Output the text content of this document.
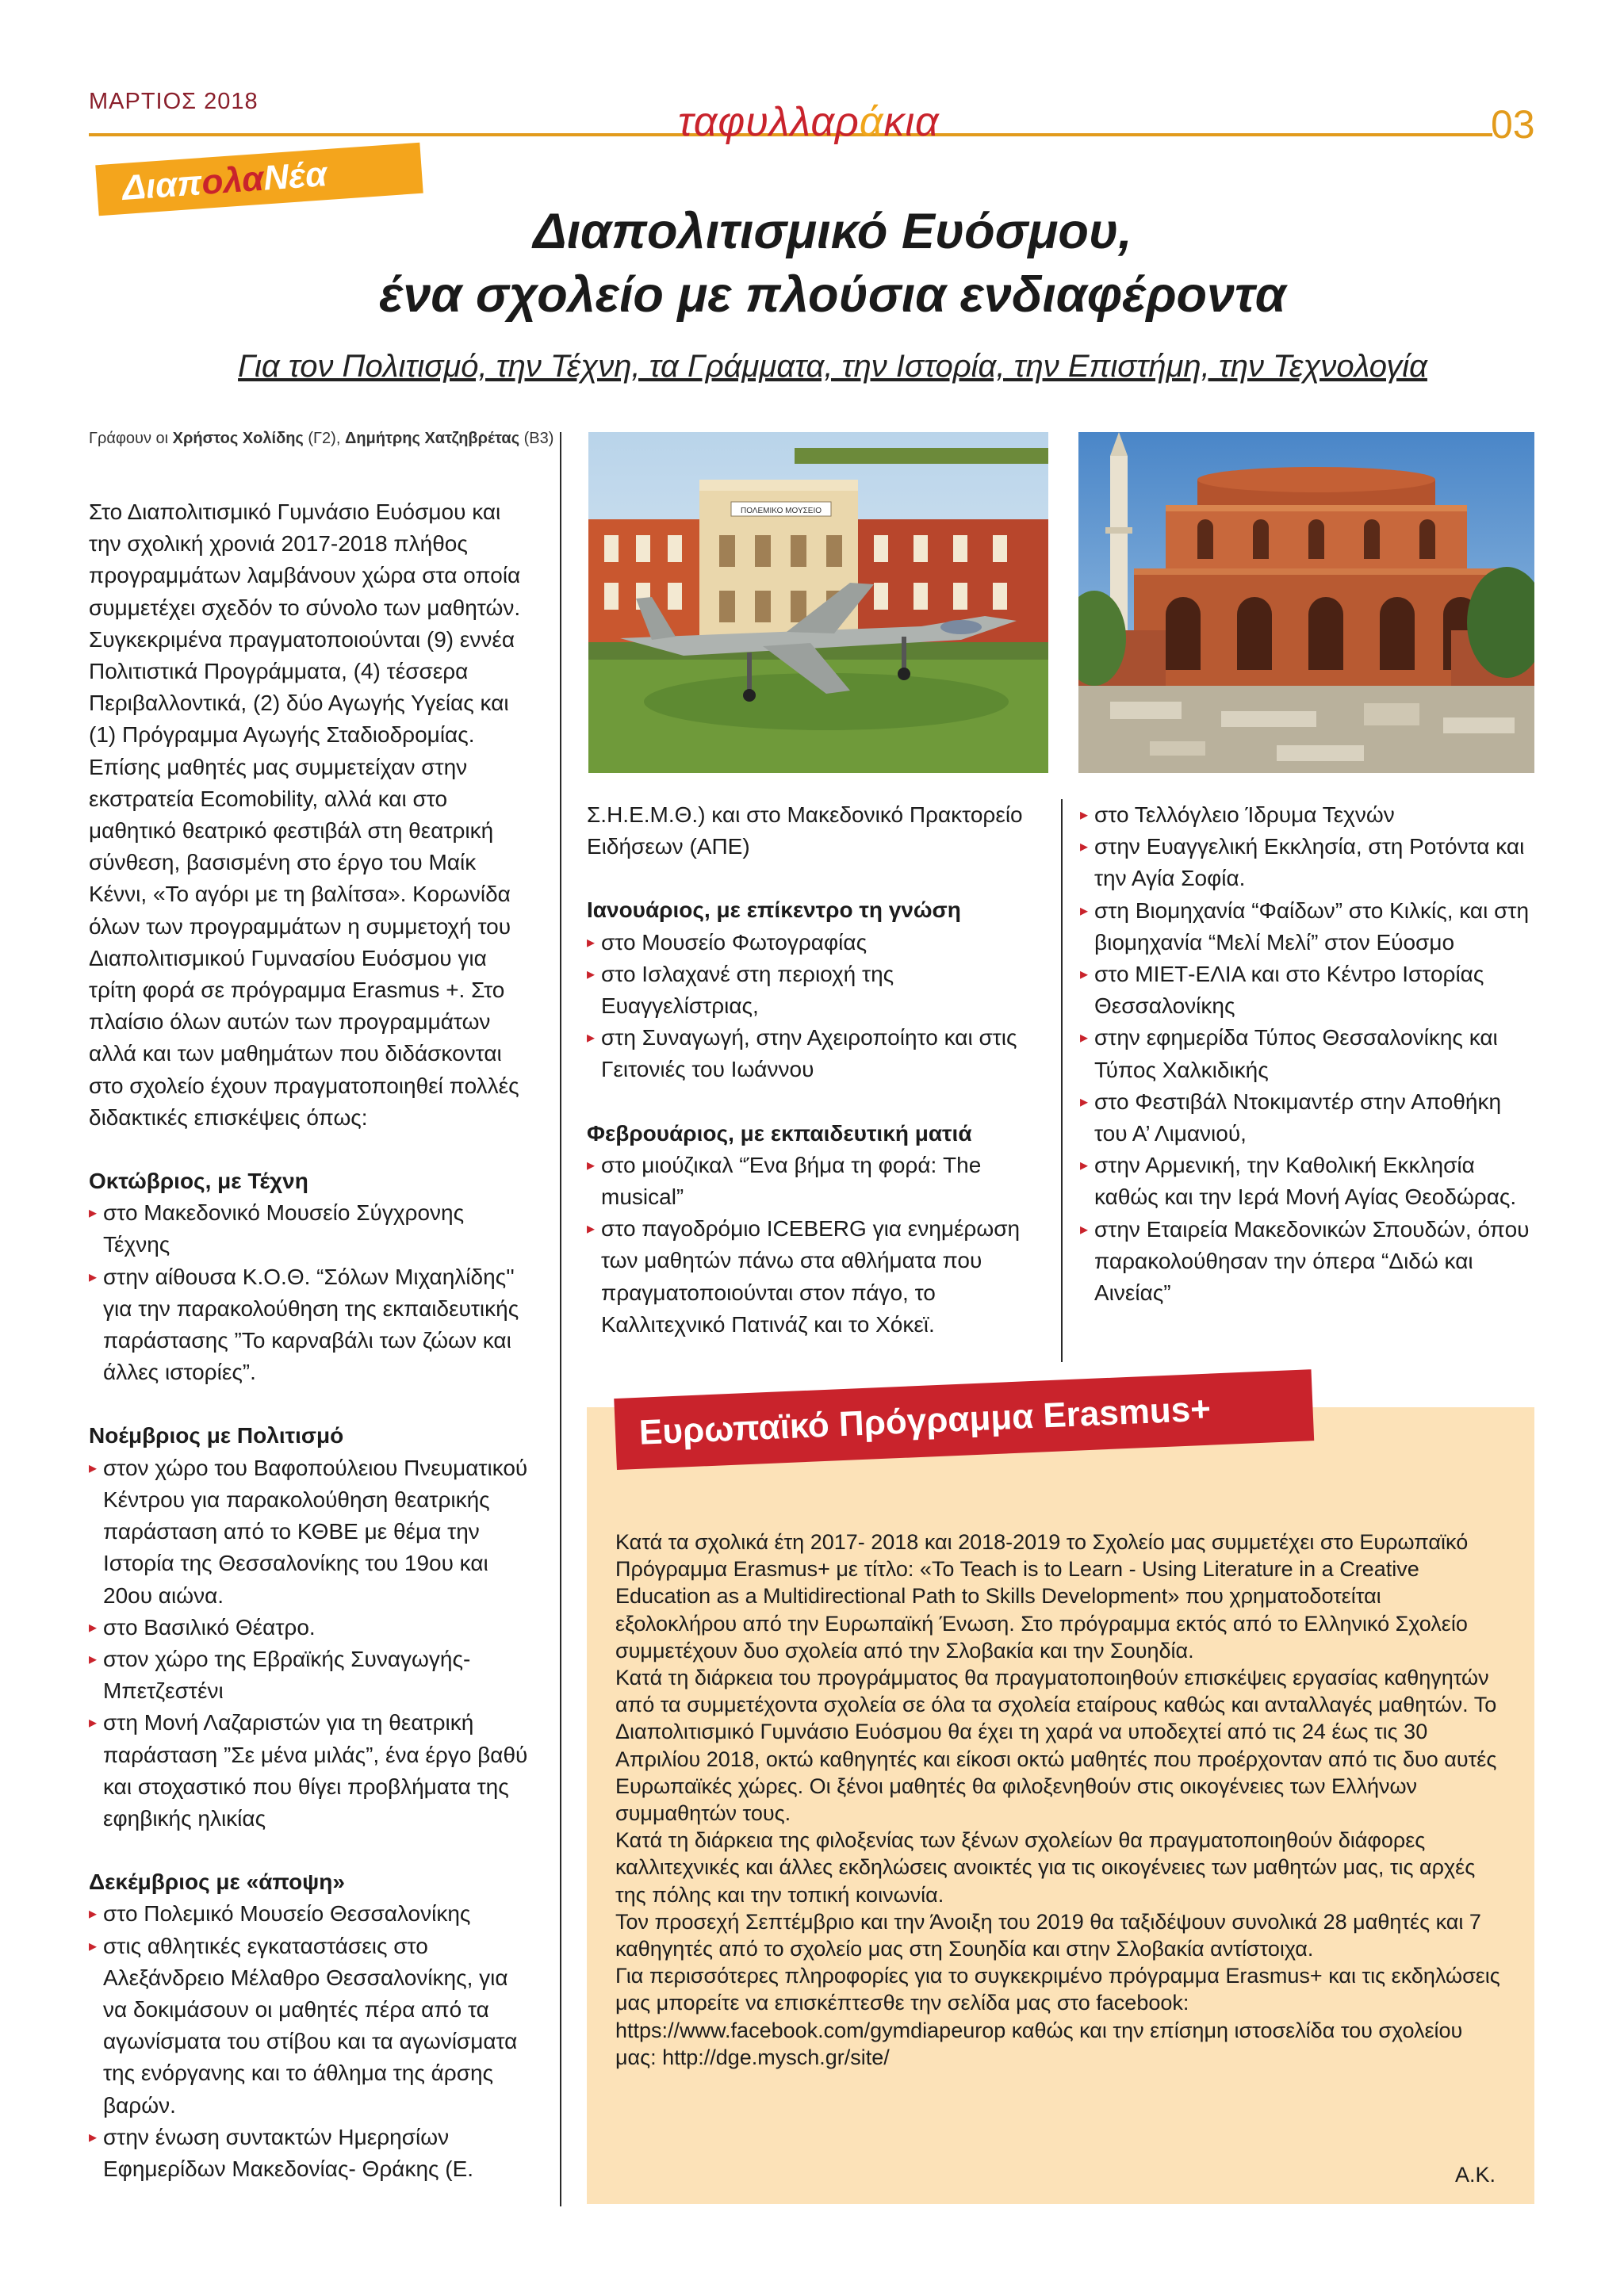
ΜΑΡΤΙΟΣ 2018	ταφυλλαράκια	03
ΔιαπολαΝέα
Διαπολιτισμικό Ευόσμου,
ένα σχολείο με πλούσια ενδιαφέροντα
Για τον Πολιτισμό, την Τέχνη, τα Γράμματα, την Ιστορία, την Επιστήμη, την Τεχνολογία
Γράφουν οι Χρήστος Χολίδης (Γ2), Δημήτρης Χατζηβρέτας (Β3)
ΠΟΛΕΜΙΚΟ ΜΟΥΣΕΙΟ

Στο Διαπολιτισμικό Γυμνάσιο Ευόσμου και την σχολική χρονιά 2017-2018 πλήθος προγραμμάτων λαμβάνουν χώρα στα οποία συμμετέχει σχεδόν το σύνολο των μαθητών. Συγκεκριμένα πραγματοποιούνται (9) εννέα Πολιτιστικά Προγράμματα, (4) τέσσερα Περιβαλλοντικά, (2) δύο Αγωγής Υγείας και (1) Πρόγραμμα Αγωγής Σταδιοδρομίας. Επίσης μαθητές μας συμμετείχαν στην εκστρατεία Ecomobility, αλλά και στο μαθητικό θεατρικό φεστιβάλ στη θεατρική σύνθεση, βασισμένη στο έργο του Μαίκ Κέννι, «Το αγόρι με τη βαλίτσα». Κορωνίδα όλων των προγραμμάτων η συμμετοχή του Διαπολιτισμικού Γυμνασίου Ευόσμου για τρίτη φορά σε πρόγραμμα Erasmus +. Στο πλαίσιο όλων αυτών των προγραμμάτων αλλά και των μαθημάτων που διδάσκονται στο σχολείο έχουν πραγματοποιηθεί πολλές διδακτικές επισκέψεις όπως:

Οκτώβριος, με Τέχνη

▸ στο Μακεδονικό Μουσείο Σύγχρονης Τέχνης
▸ στην αίθουσα Κ.Ο.Θ. “Σόλων Μιχαηλίδης'' για την παρακολούθηση της εκπαιδευτικής παράστασης ”Το καρναβάλι των ζώων και άλλες ιστορίες”.

Νοέμβριος με Πολιτισμό

▸ στον χώρο του Βαφοπούλειου Πνευματικού Κέντρου για παρακολούθηση θεατρικής παράσταση από το ΚΘΒΕ με θέμα την Ιστορία της Θεσσαλονίκης του 19ου και 20ου αιώνα.
▸ στο Βασιλικό Θέατρο.
▸ στον χώρο της Εβραϊκής Συναγωγής-Μπετζεστένι
▸ στη Μονή Λαζαριστών για τη θεατρική παράσταση ”Σε μένα μιλάς”, ένα έργο βαθύ και στοχαστικό που θίγει προβλήματα της εφηβικής ηλικίας

Δεκέμβριος με «άποψη»

▸ στο Πολεμικό Μουσείο Θεσσαλονίκης
▸ στις αθλητικές εγκαταστάσεις στο Αλεξάνδρειο Μέλαθρο Θεσσαλονίκης, για να δοκιμάσουν οι μαθητές πέρα από τα αγωνίσματα του στίβου και τα αγωνίσματα της ενόργανης και το άθλημα της άρσης βαρών.
▸ στην ένωση συντακτών Ημερησίων Εφημερίδων Μακεδονίας- Θράκης (Ε.

Σ.Η.Ε.Μ.Θ.) και στο Μακεδονικό Πρακτορείο Ειδήσεων (ΑΠΕ)

Ιανουάριος, με επίκεντρο τη γνώση

▸ στο Μουσείο Φωτογραφίας
▸ στο Ισλαχανέ στη περιοχή της Ευαγγελίστριας,
▸ στη Συναγωγή, στην Αχειροποίητο και στις Γειτονιές του Ιωάννου

Φεβρουάριος, με εκπαιδευτική ματιά

▸ στο μιούζικαλ “Ένα βήμα τη φορά: The musical”
▸ στο παγοδρόμιο ICEBERG για ενημέρωση των μαθητών πάνω στα αθλήματα που πραγματοποιούνται στον πάγο, το Καλλιτεχνικό Πατινάζ και το Χόκεϊ.
▸ στο Τελλόγλειο Ίδρυμα Τεχνών
▸ στην Ευαγγελική Εκκλησία, στη Ροτόντα και την Αγία Σοφία.
▸ στη Βιομηχανία “Φαίδων” στο Κιλκίς, και στη βιομηχανία “Μελί Μελί” στον Εύοσμο
▸ στο ΜΙΕΤ-ΕΛΙΑ και στο Κέντρο Ιστορίας Θεσσαλονίκης
▸ στην εφημερίδα Τύπος Θεσσαλονίκης και Τύπος Χαλκιδικής
▸ στο Φεστιβάλ Ντοκιμαντέρ στην Αποθήκη του Α’ Λιμανιού,
▸ στην Αρμενική, την Καθολική Εκκλησία καθώς και την Ιερά Μονή Αγίας Θεοδώρας.
▸ στην Εταιρεία Μακεδονικών Σπουδών, όπου παρακολούθησαν την όπερα “Διδώ και Αινείας”
Ευρωπαϊκό Πρόγραμμα Erasmus+

Κατά τα σχολικά έτη 2017- 2018 και 2018-2019 το Σχολείο μας συμμετέχει στο Ευρωπαϊκό Πρόγραμμα Erasmus+ με τίτλο: «To Teach is to Learn - Using Literature in a Creative Education as a Multidirectional Path to Skills Development» που χρηματοδοτείται εξολοκλήρου από την Ευρωπαϊκή Ένωση. Στο πρόγραμμα εκτός από το Ελληνικό Σχολείο συμμετέχουν δυο σχολεία από την Σλοβακία και την Σουηδία.

Κατά τη διάρκεια του προγράμματος θα πραγματοποιηθούν επισκέψεις εργασίας καθηγητών από τα συμμετέχοντα σχολεία σε όλα τα σχολεία εταίρους καθώς και ανταλλαγές μαθητών. Το Διαπολιτισμικό Γυμνάσιο Ευόσμου θα έχει τη χαρά να υποδεχτεί από τις 24 έως τις 30 Απριλίου 2018, οκτώ καθηγητές και είκοσι οκτώ μαθητές που προέρχονταν από τις δυο αυτές Ευρωπαϊκές χώρες. Οι ξένοι μαθητές θα φιλοξενηθούν στις οικογένειες των Ελλήνων συμμαθητών τους.

Κατά τη διάρκεια της φιλοξενίας των ξένων σχολείων θα πραγματοποιηθούν διάφορες καλλιτεχνικές και άλλες εκδηλώσεις ανοικτές για τις οικογένειες των μαθητών μας, τις αρχές της πόλης και την τοπική κοινωνία.

Τον προσεχή Σεπτέμβριο και την Άνοιξη του 2019 θα ταξιδέψουν συνολικά 28 μαθητές και 7 καθηγητές από το σχολείο μας στη Σουηδία και στην Σλοβακία αντίστοιχα.

Για περισσότερες πληροφορίες για το συγκεκριμένο πρόγραμμα Erasmus+ και τις εκδηλώσεις μας μπορείτε να επισκέπτεσθε την σελίδα μας στο facebook: https://www.facebook.com/gymdiapeurop καθώς και την επίσημη ιστοσελίδα του σχολείου μας: http://dge.mysch.gr/site/

Α.Κ.
